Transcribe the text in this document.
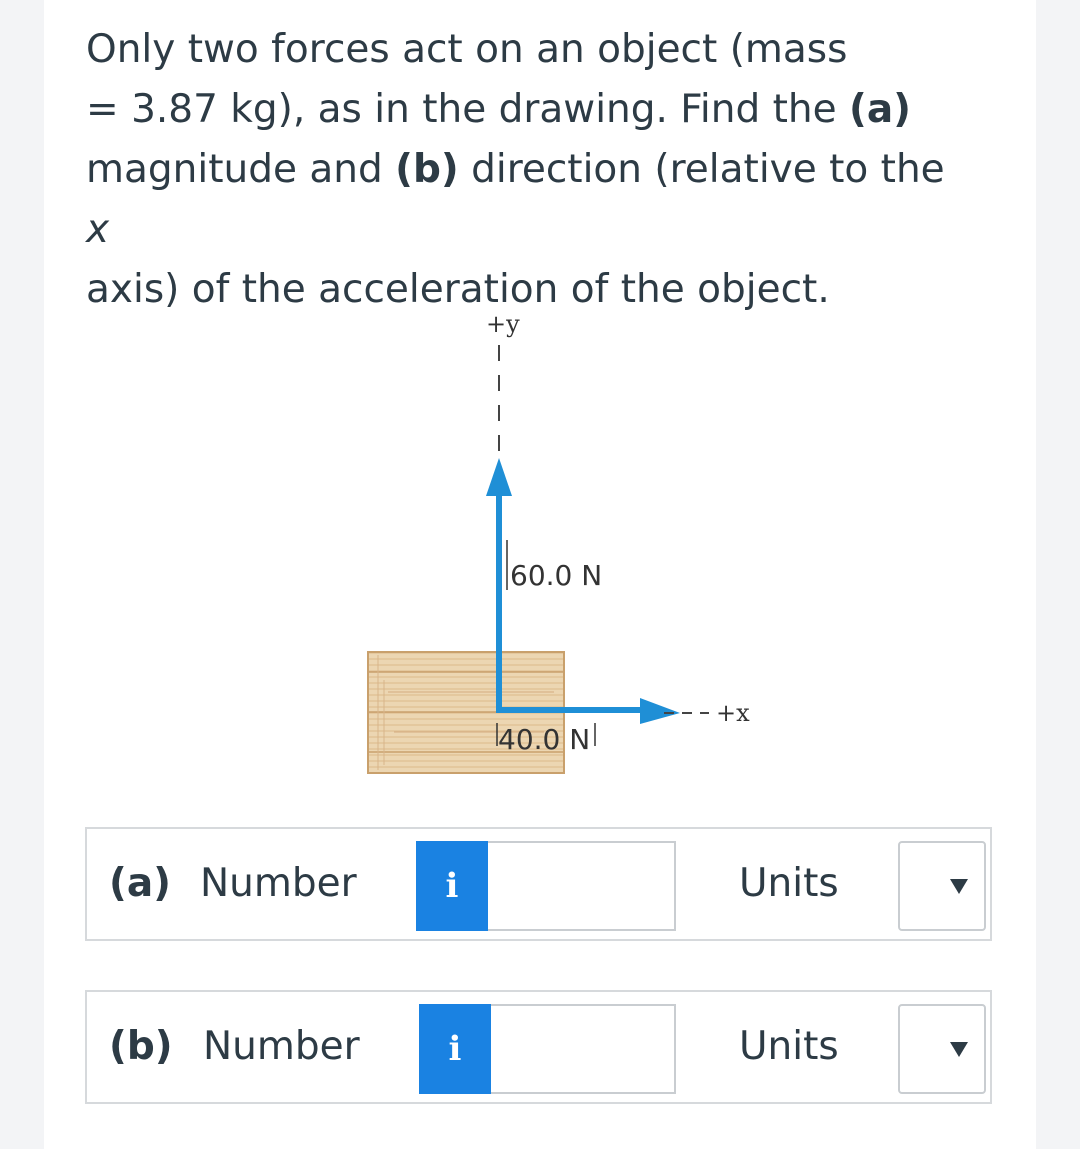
Only two forces act on an object (mass
= 3.87 kg), as in the drawing. Find the (a)
magnitude and (b) direction (relative to the x
axis) of the acceleration of the object.

+y
60.0 N
+x
40.0 N
(a) Number	i	Units
(b) Number	i	Units
